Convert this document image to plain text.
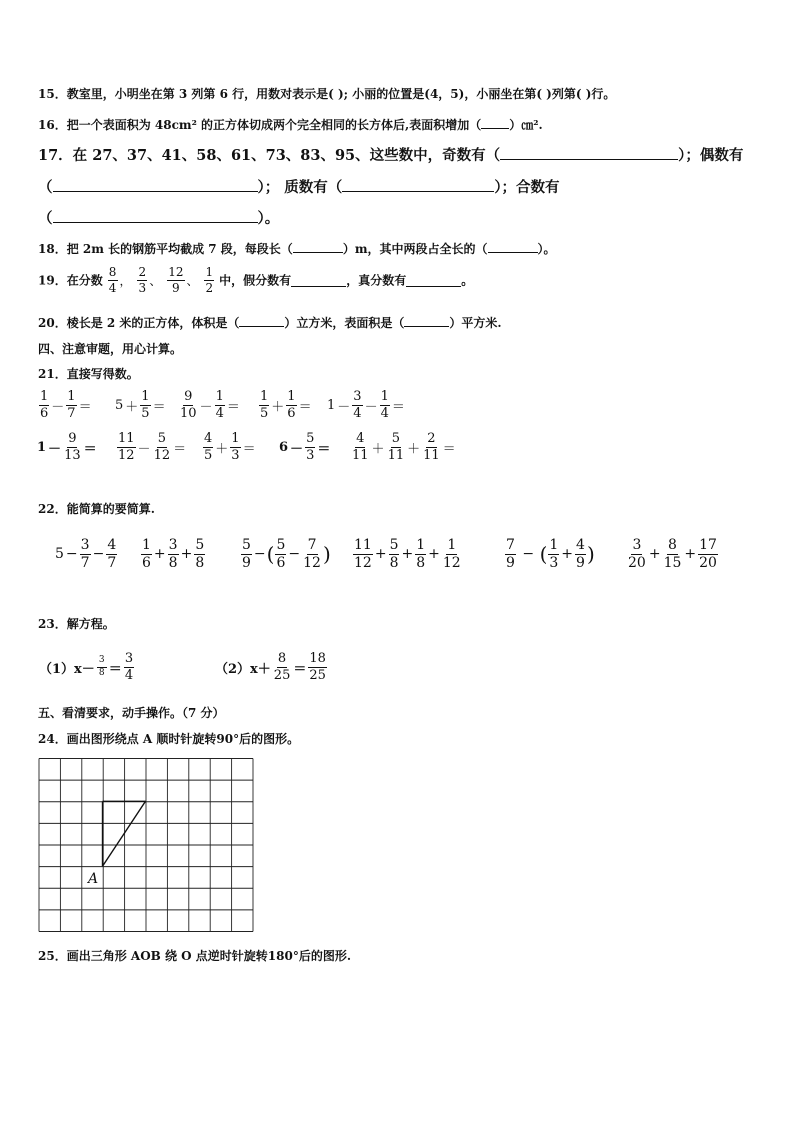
15．教室里，小明坐在第 3 列第 6 行，用数对表示是( ); 小丽的位置是(4，5)，小丽坐在第( )列第( )行。
16．把一个表面积为 48cm² 的正方体切成两个完全相同的长方体后,表面积增加（ ）㎝².
17．在 27、37、41、58、61、73、83、95、这些数中，奇数有（	）；偶数有
（	）； 质数有（	）；合数有
（	）。
18．把 2m 长的钢筋平均截成 7 段，每段长（	）m，其中两段占全长的（	）。
19．在分数 $\frac{8}{4}$ ， $\frac{2}{3}$ 、 $\frac{12}{9}$ 、 $\frac{1}{2}$ 中，假分数有	，真分数有	。
20．棱长是 2 米的正方体，体积是（	）立方米，表面积是（	）平方米.
四、注意审题，用心计算。
21．直接写得数。
$\frac{1}{6} - \frac{1}{7} = 5 + \frac{1}{5} = \frac{9}{10} - \frac{1}{4} = \frac{1}{5} + \frac{1}{6} = 1 - \frac{3}{4} - \frac{1}{4}$ ＝
$1 - \frac{9}{13} = \frac{11}{12} - \frac{5}{12} = \frac{4}{5} + \frac{1}{3} = 6 - \frac{5}{3} = \frac{4}{11} + \frac{5}{11} + \frac{2}{11}$ ＝
22．能简算的要简算.
$5 - \frac{3}{7} - \frac{4}{7} \frac{1}{6} + \frac{3}{8} + \frac{5}{8}$	$\frac{5}{9}$ −( $\frac{5}{6} - \frac{7}{12}$ ) $\frac{11}{12} + \frac{5}{8} + \frac{1}{8} + \frac{1}{12}$	$\frac{7}{9}$ − ( $\frac{1}{3} + \frac{4}{9}$ ) $\frac{3}{20} + \frac{8}{15} + \frac{17}{20}$
23．解方程。
$(1)x- \frac{3}{8} = \frac{3}{4}$	$(2)x+ \frac{8}{25} = \frac{18}{25}$
五、看清要求，动手操作。（7 分）
24．画出图形绕点 A 顺时针旋转90°后的图形。
A
25．画出三角形 AOB 绕 O 点逆时针旋转180°后的图形.
